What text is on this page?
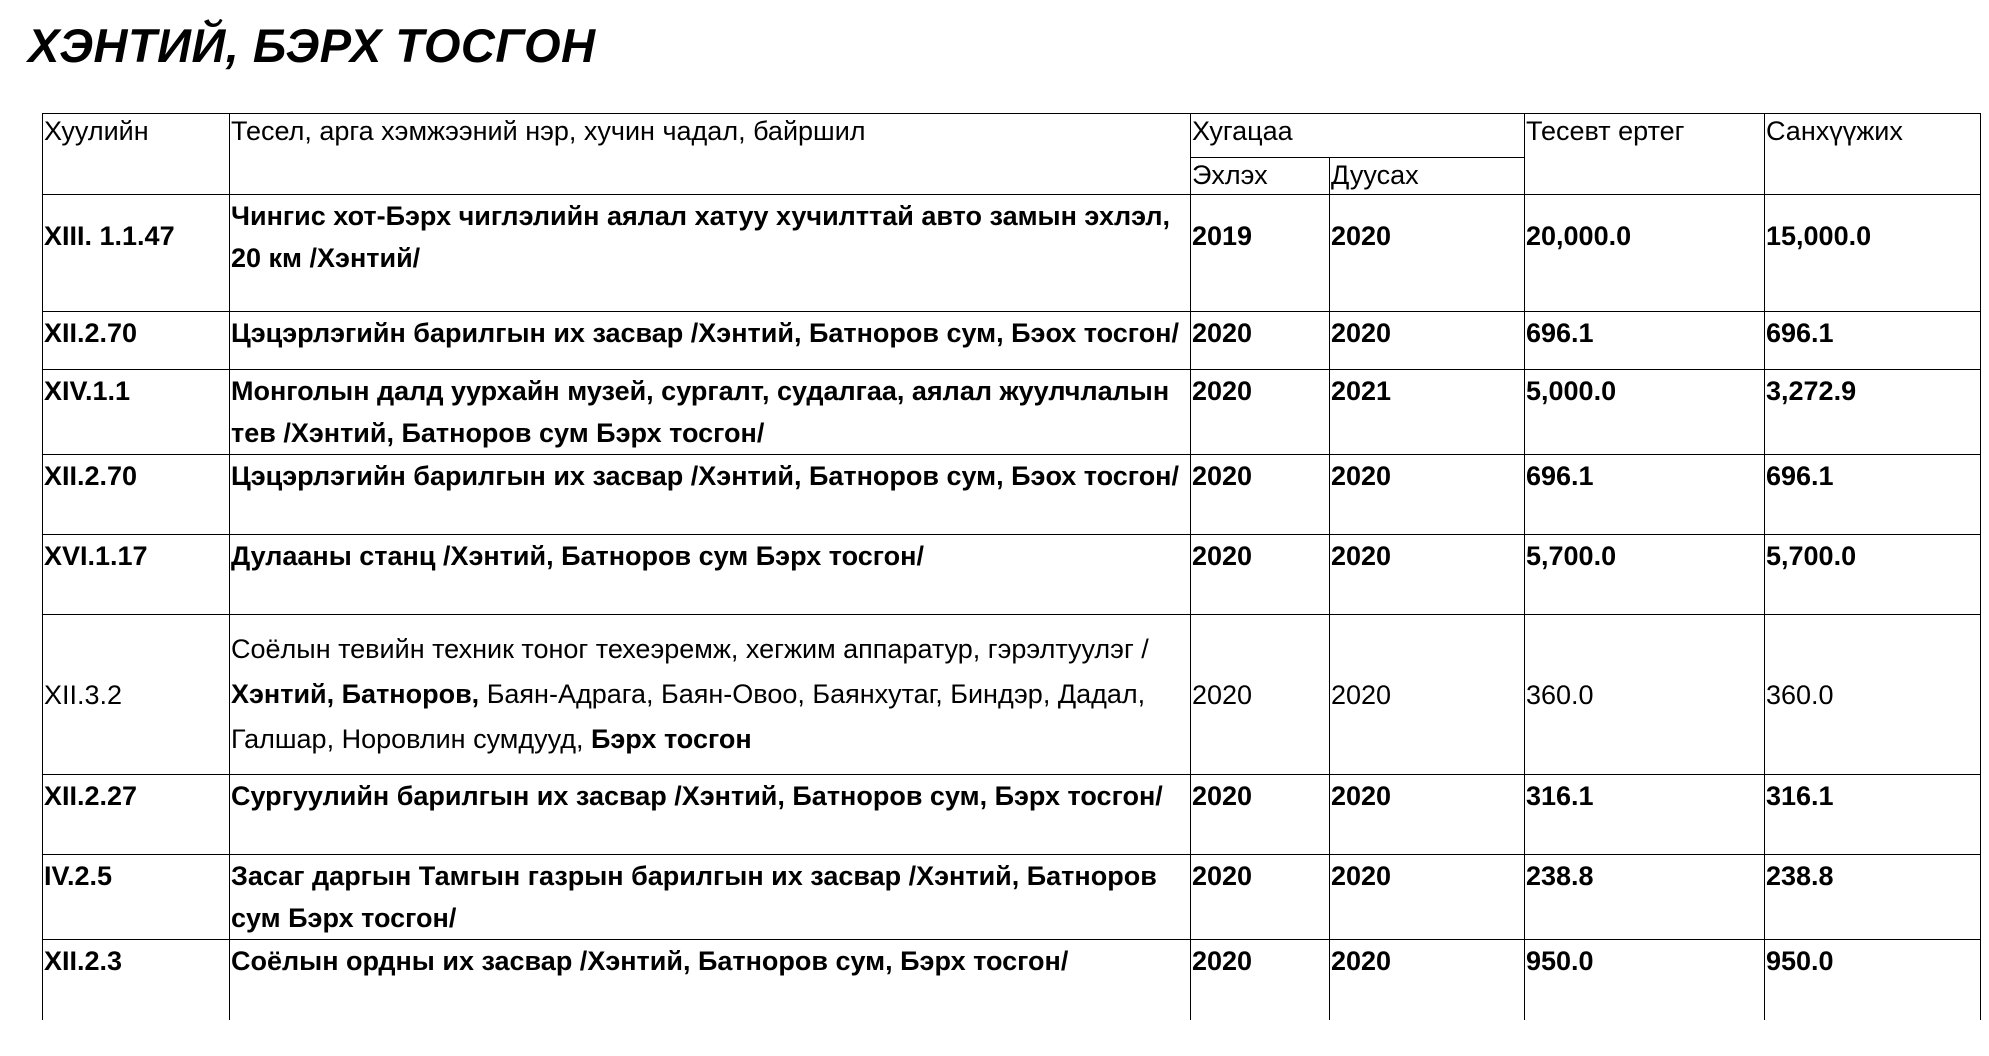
ХЭНТИЙ, БЭРХ ТОСГОН
Хуулийн	Тесел, арга хэмжээний нэр, хучин чадал, байршил	Хугацаа		Тесевт ертег	Санхүүжих
		Эхлэх	Дуусах		
XIII. 1.1.47	Чингис хот-Бэрх чиглэлийн аялал хатуу хучилттай авто замын эхлэл, 20 км /Хэнтий/	2019	2020	20,000.0	15,000.0
XII.2.70	Цэцэрлэгийн барилгын их засвар /Хэнтий, Батноров сум, Бэох тосгон/	2020	2020	696.1	696.1
XIV.1.1	Монголын далд уурхайн музей, сургалт, судалгаа, аялал жуулчлалын тев /Хэнтий, Батноров сум Бэрх тосгон/	2020	2021	5,000.0	3,272.9
XII.2.70	Цэцэрлэгийн барилгын их засвар /Хэнтий, Батноров сум, Бэох тосгон/	2020	2020	696.1	696.1
XVI.1.17	Дулааны станц /Хэнтий, Батноров сум Бэрх тосгон/	2020	2020	5,700.0	5,700.0
XII.3.2	Соёлын тевийн техник тоног техеэремж, хегжим аппаратур, гэрэлтуулэг /Хэнтий, Батноров, Баян-Адрага, Баян-Овоо, Баянхутаг, Биндэр, Дадал, Галшар, Норовлин сумдууд, Бэрх тосгон	2020	2020	360.0	360.0
XII.2.27	Сургуулийн барилгын их засвар /Хэнтий, Батноров сум, Бэрх тосгон/	2020	2020	316.1	316.1
IV.2.5	Засаг даргын Тамгын газрын барилгын их засвар /Хэнтий, Батноров сум Бэрх тосгон/	2020	2020	238.8	238.8
XII.2.3	Соёлын ордны их засвар /Хэнтий, Батноров сум, Бэрх тосгон/	2020	2020	950.0	950.0
